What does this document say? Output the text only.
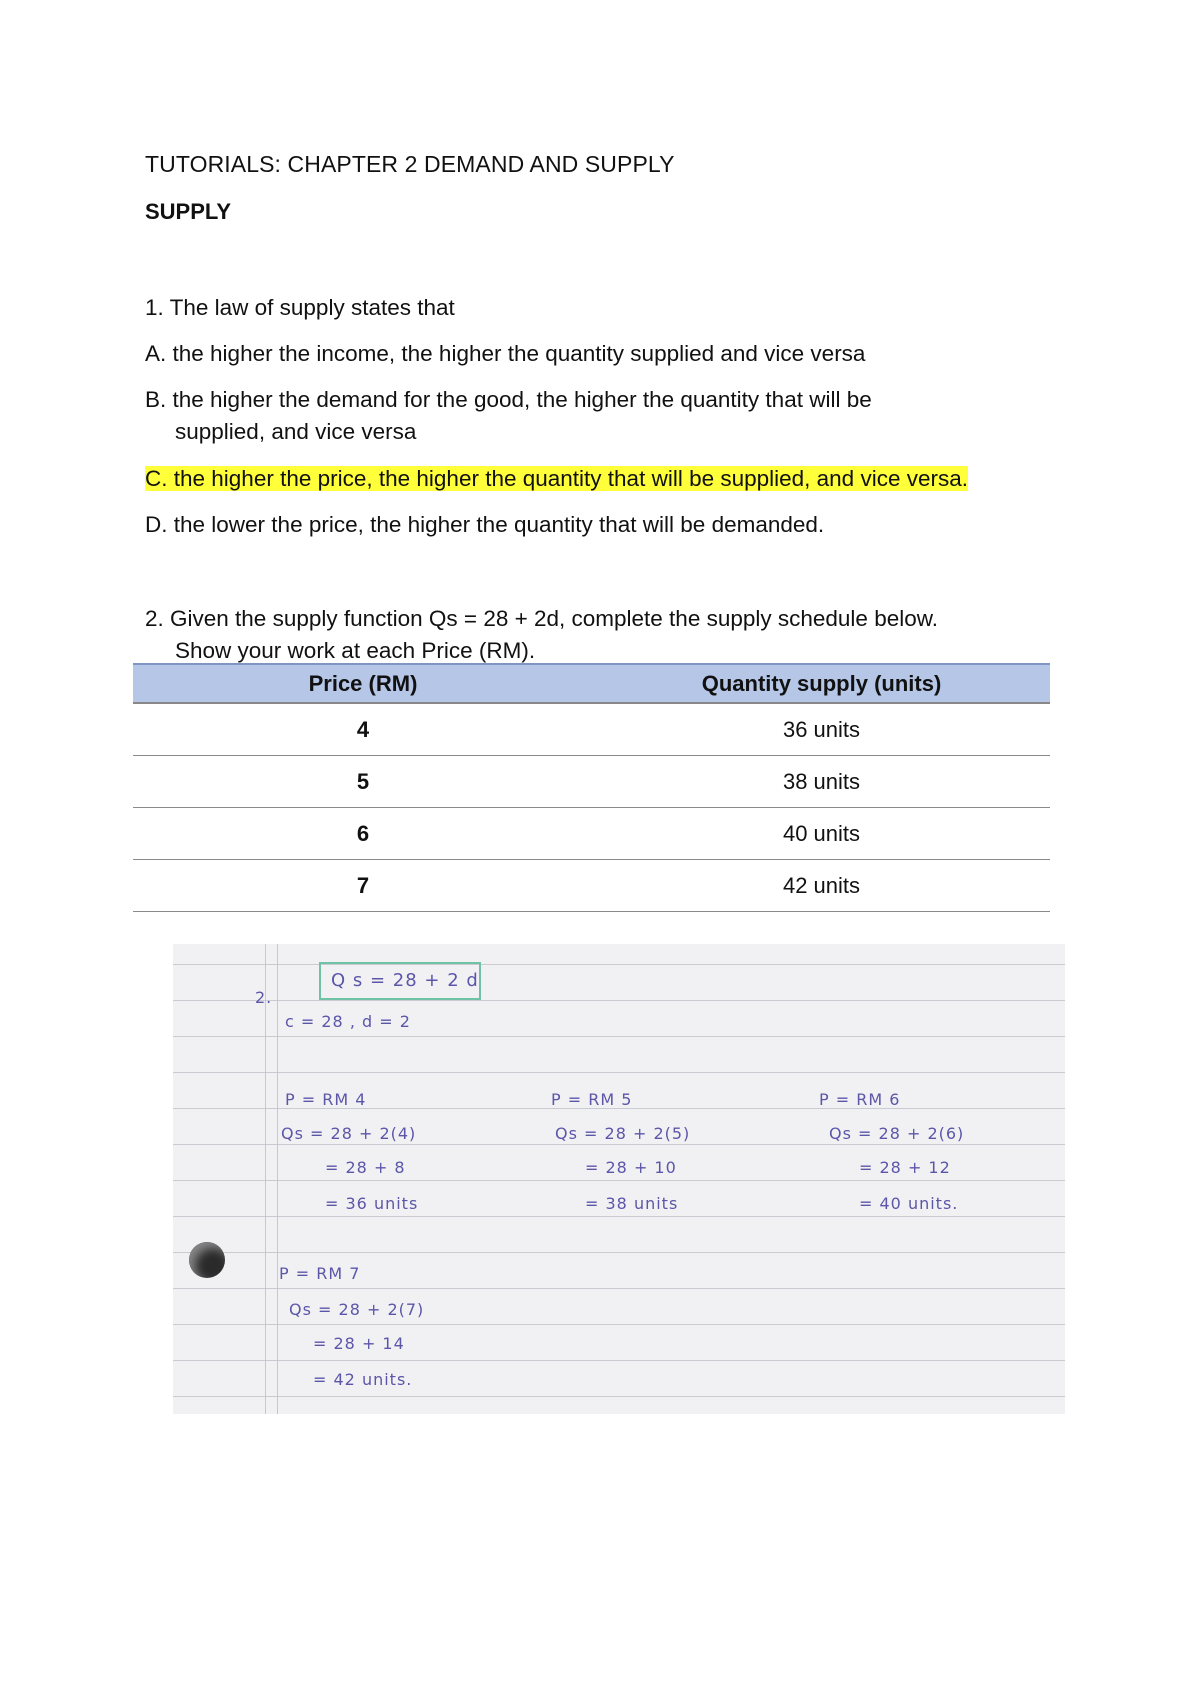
TUTORIALS: CHAPTER 2 DEMAND AND SUPPLY
SUPPLY
1. The law of supply states that
A. the higher the income, the higher the quantity supplied and vice versa
B. the higher the demand for the good, the higher the quantity that will be
supplied, and vice versa
C. the higher the price, the higher the quantity that will be supplied, and vice versa.
D. the lower the price, the higher the quantity that will be demanded.
2. Given the supply function Qs = 28 + 2d, complete the supply schedule below.
Show your work at each Price (RM).
Price (RM)	Quantity supply (units)
4	36 units
5	38 units
6	40 units
7	42 units
2.
Q s = 28 + 2 d
c = 28 , d = 2
P = RM 4
Qs = 28 + 2(4)
= 28 + 8
= 36 units
P = RM 5
Qs = 28 + 2(5)
= 28 + 10
= 38 units
P = RM 6
Qs = 28 + 2(6)
= 28 + 12
= 40 units.
P = RM 7
Qs = 28 + 2(7)
= 28 + 14
= 42 units.
